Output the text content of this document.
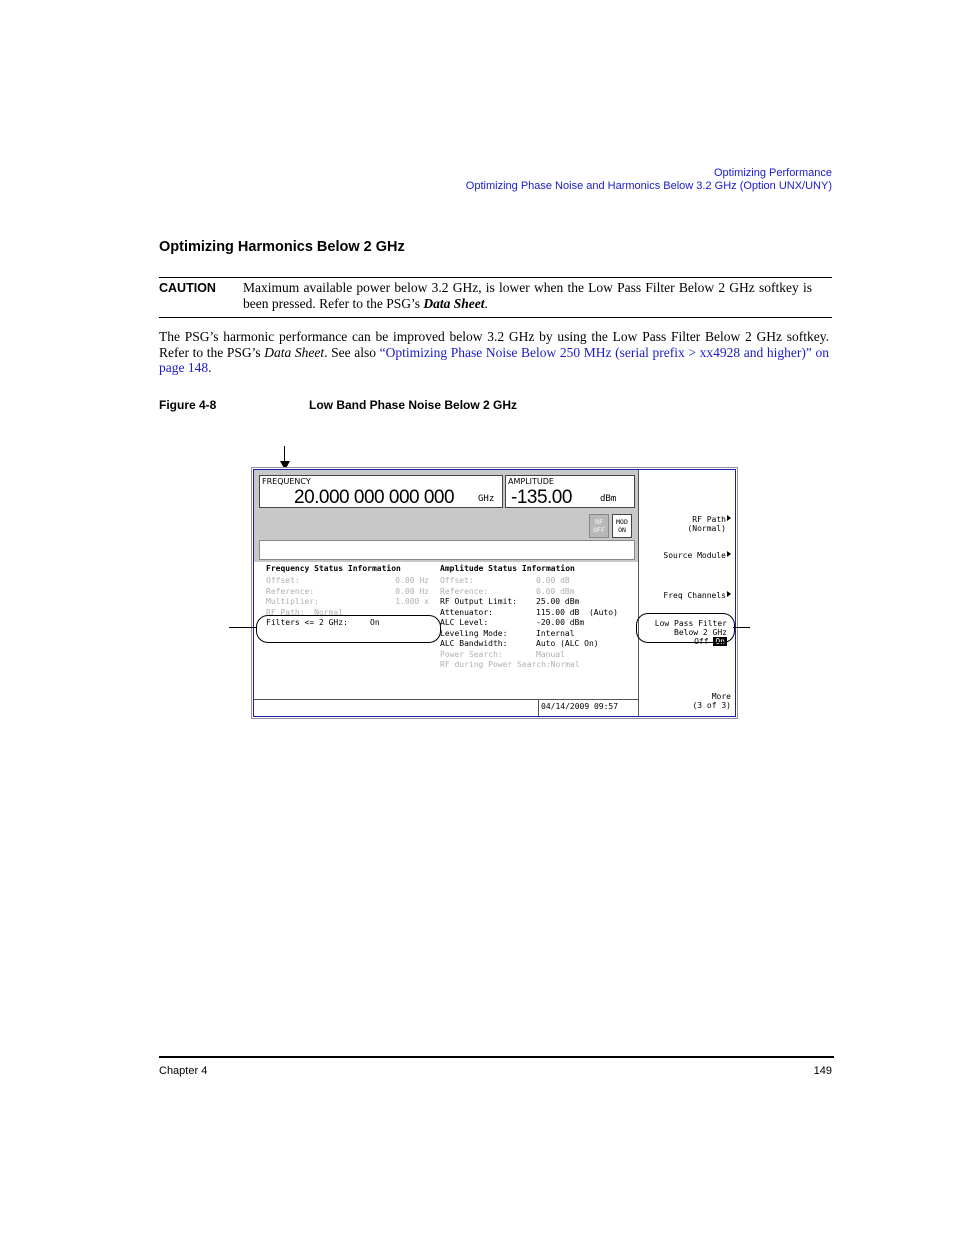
Optimizing Performance
Optimizing Phase Noise and Harmonics Below 3.2 GHz (Option UNX/UNY)
Optimizing Harmonics Below 2 GHz
CAUTION Maximum available power below 3.2 GHz, is lower when the Low Pass Filter Below 2 GHz softkey is been pressed. Refer to the PSG’s Data Sheet.
The PSG’s harmonic performance can be improved below 3.2 GHz by using the Low Pass Filter Below 2 GHz softkey. Refer to the PSG’s Data Sheet. See also “Optimizing Phase Noise Below 250 MHz (serial prefix > xx4928 and higher)” on page 148.
Figure 4-8	Low Band Phase Noise Below 2 GHz
FREQUENCY
20.000 000 000 000	GHz
AMPLITUDE
-135.00	dBm
RF
OFF
MOD
ON
Frequency Status Information	Amplitude Status Information
Offset:	0.00 Hz
Reference:	0.00 Hz
Multiplier:	1.000 x
RF Path:  Normal
Filters <= 2 GHz:	On
Offset:	0.00 dB
Reference:	0.00 dBm
RF Output Limit: 25.00 dBm
Attenuator:	115.00 dB  (Auto)
ALC Level:	-20.00 dBm
Leveling Mode:	Internal
ALC Bandwidth:	Auto (ALC On)
Power Search:	Manual
RF during Power Search:Normal
04/14/2009 09:57
RF Path
(Normal)
Source Module
Freq Channels
Low Pass Filter
Below 2 GHz
Off On
More
(3 of 3)
Chapter 4	149
